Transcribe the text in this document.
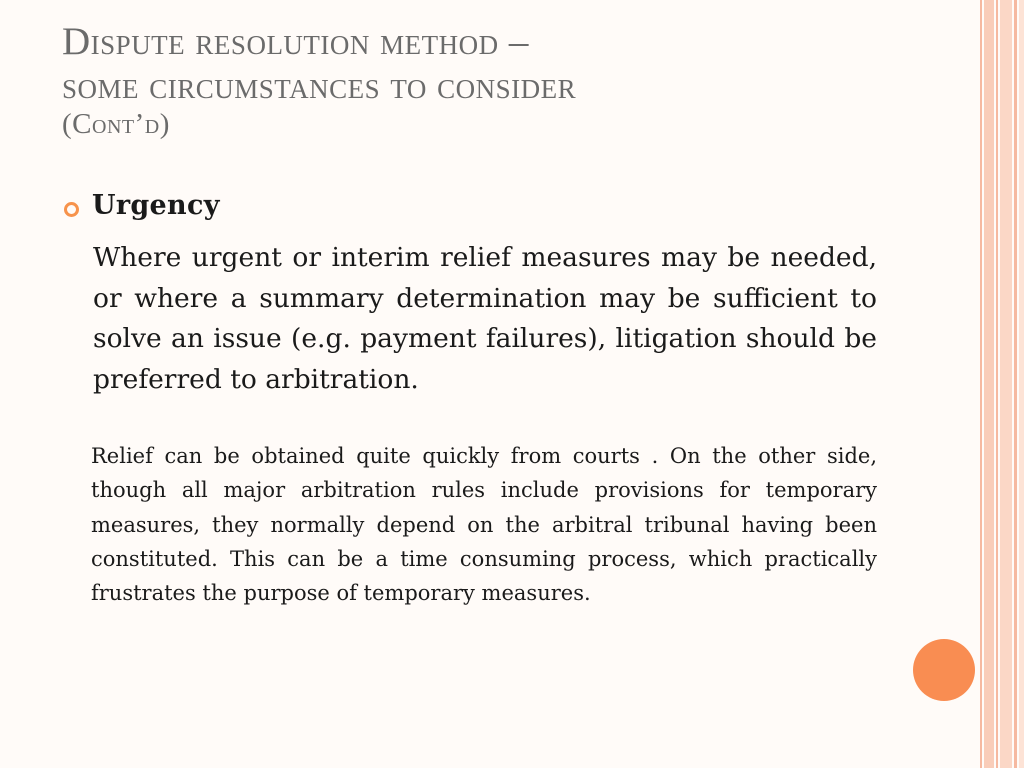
Dispute resolution method –
some circumstances to consider
(Cont’d)
Urgency

Where urgent or interim relief measures may be needed, or where a summary determination may be sufficient to solve an issue (e.g. payment failures), litigation should be preferred to arbitration.

Relief can be obtained quite quickly from courts . On the other side, though all major arbitration rules include provisions for temporary measures, they normally depend on the arbitral tribunal having been constituted. This can be a time consuming process, which practically frustrates the purpose of temporary measures.
